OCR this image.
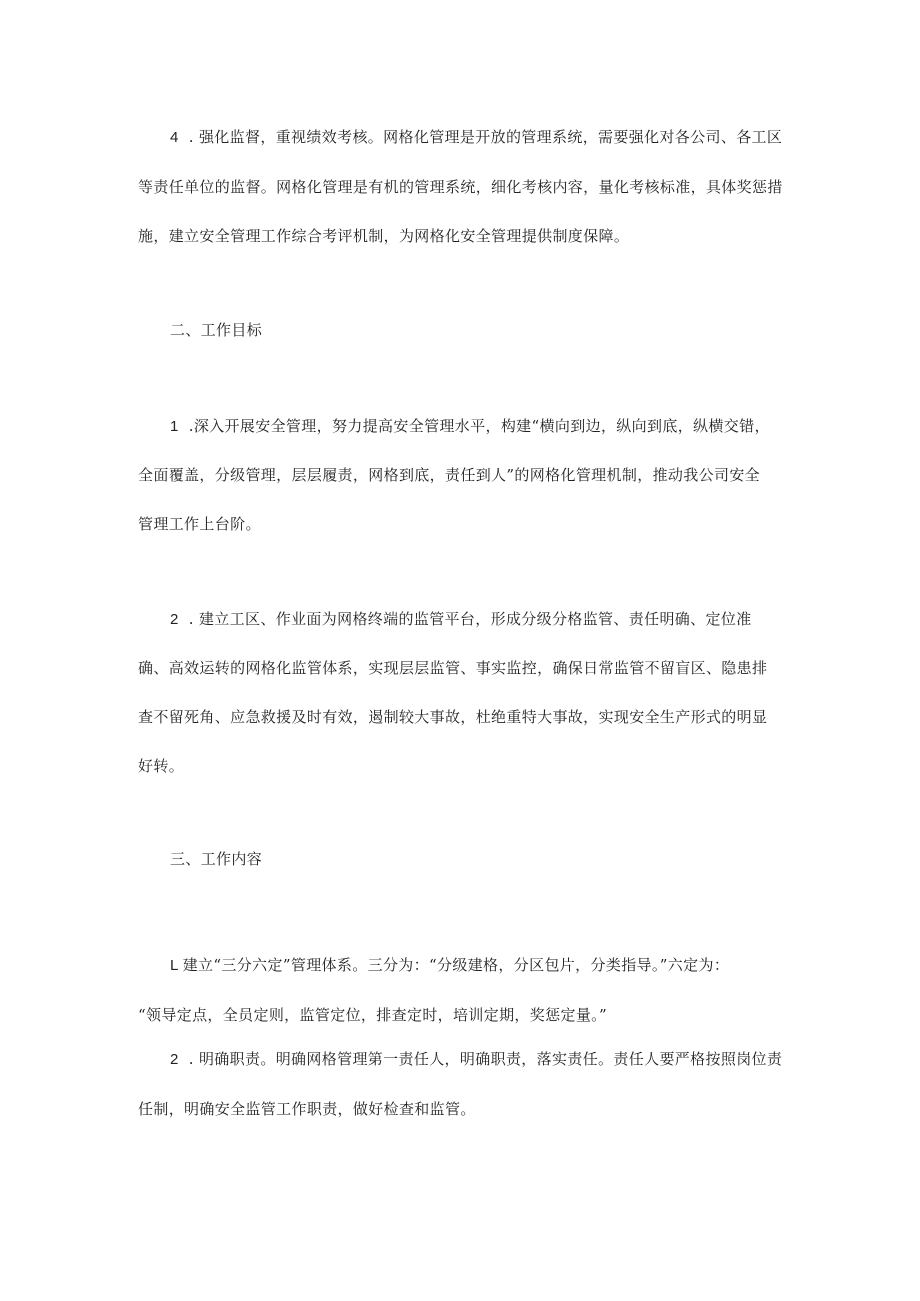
4 . 强化监督，重视绩效考核。网格化管理是开放的管理系统，需要强化对各公司、各工区
等责任单位的监督。网格化管理是有机的管理系统，细化考核内容，量化考核标准，具体奖惩措
施，建立安全管理工作综合考评机制，为网格化安全管理提供制度保障。
二、工作目标
1 .深入开展安全管理，努力提高安全管理水平，构建“横向到边，纵向到底，纵横交错，
全面覆盖，分级管理，层层履责，网格到底，责任到人”的网格化管理机制，推动我公司安全
管理工作上台阶。
2 . 建立工区、作业面为网格终端的监管平台，形成分级分格监管、责任明确、定位准
确、高效运转的网格化监管体系，实现层层监管、事实监控，确保日常监管不留盲区、隐患排
查不留死角、应急救援及时有效，遏制较大事故，杜绝重特大事故，实现安全生产形式的明显
好转。
三、工作内容
L 建立“三分六定”管理体系。三分为：“分级建格，分区包片，分类指导。”六定为：
“领导定点，全员定则，监管定位，排查定时，培训定期，奖惩定量。”
2 . 明确职责。明确网格管理第一责任人，明确职责，落实责任。责任人要严格按照岗位责
任制，明确安全监管工作职责，做好检查和监管。
